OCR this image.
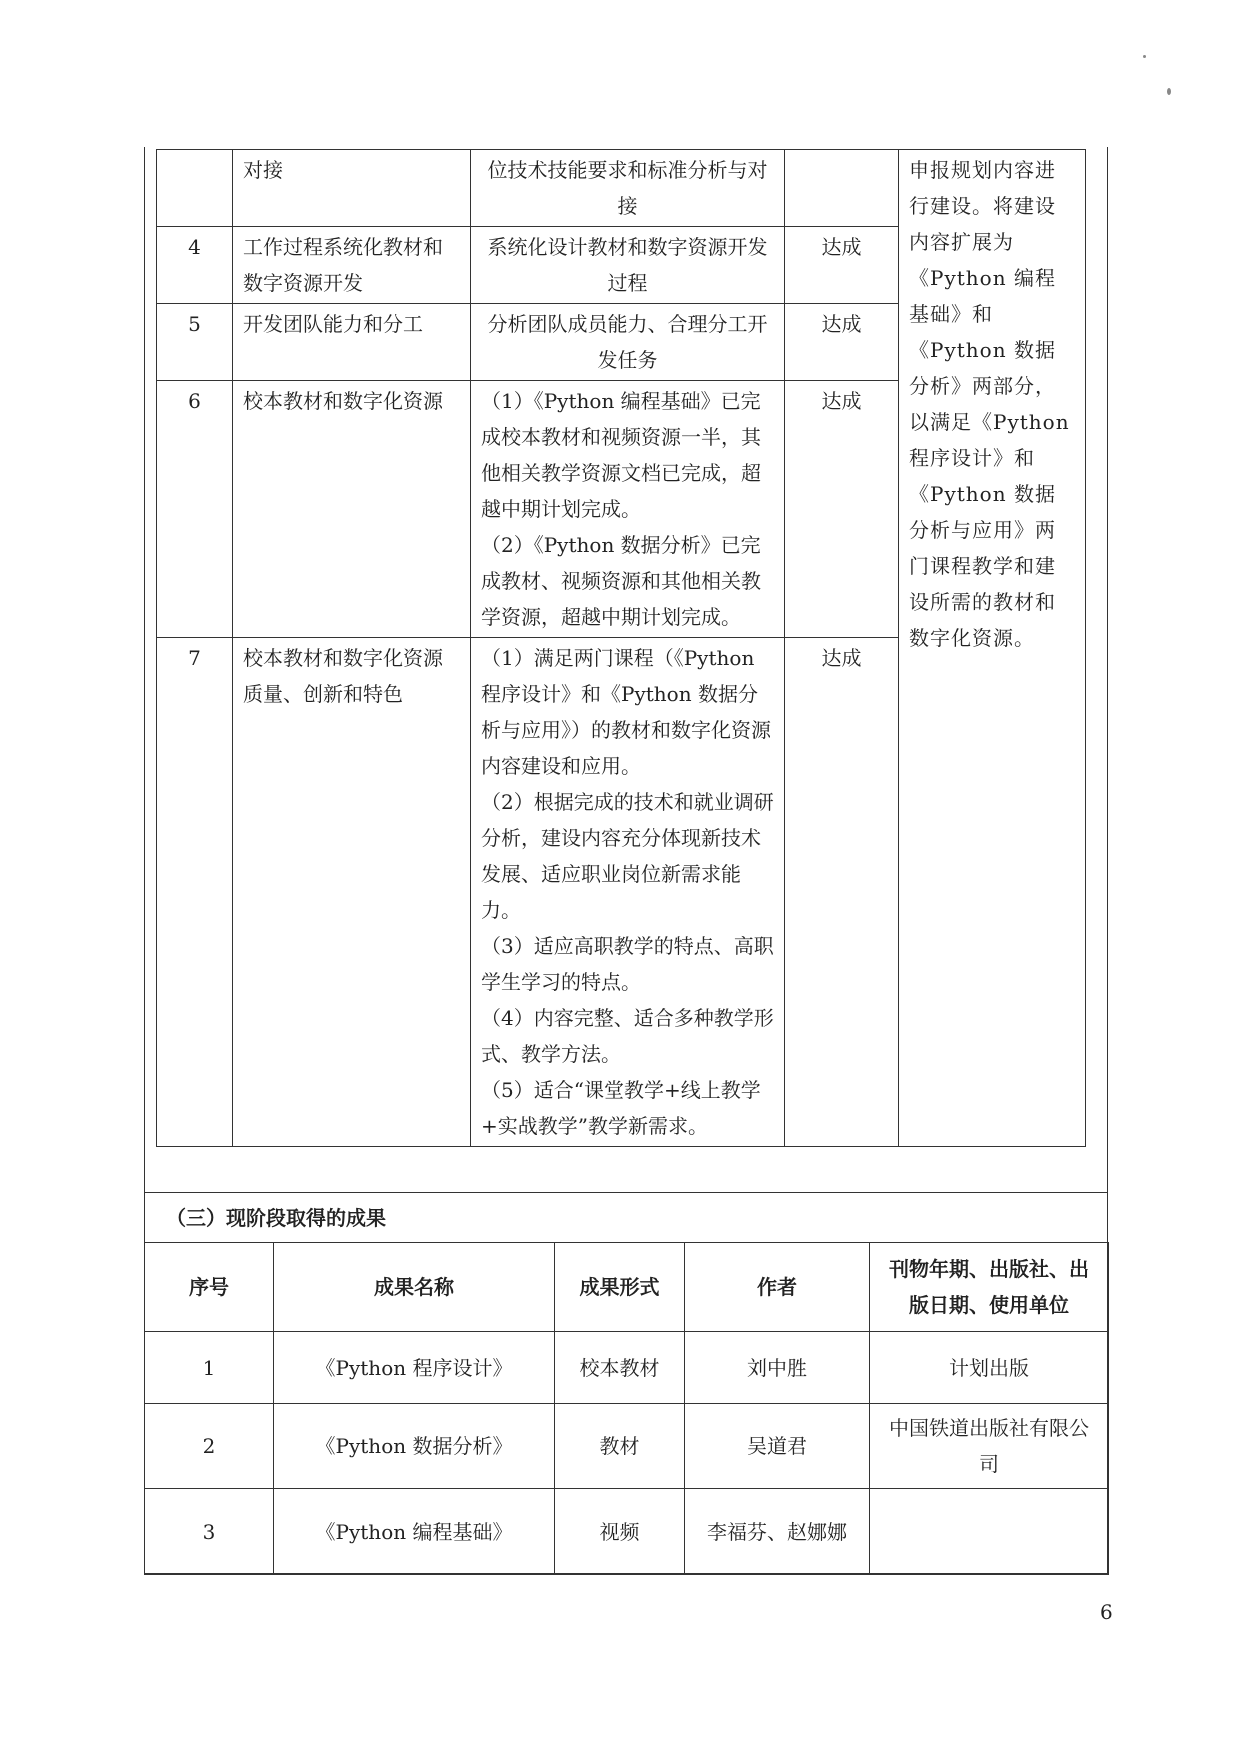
	对接	位技术技能要求和标准分析与对接		申报规划内容进行建设。将建设内容扩展为《Python 编程基础》和《Python 数据分析》两部分，以满足《Python 程序设计》和《Python 数据分析与应用》两门课程教学和建设所需的教材和数字化资源。
4	工作过程系统化教材和数字资源开发	系统化设计教材和数字资源开发过程	达成	
5	开发团队能力和分工	分析团队成员能力、合理分工开发任务	达成	
6	校本教材和数字化资源	（1）《Python 编程基础》已完成校本教材和视频资源一半，其他相关教学资源文档已完成，超越中期计划完成。

（2）《Python 数据分析》已完成教材、视频资源和其他相关教学资源，超越中期计划完成。	达成	
7	校本教材和数字化资源质量、创新和特色	（1）满足两门课程（《Python 程序设计》和《Python 数据分析与应用》）的教材和数字化资源内容建设和应用。

（2）根据完成的技术和就业调研分析，建设内容充分体现新技术发展、适应职业岗位新需求能力。

（3）适应高职教学的特点、高职学生学习的特点。

（4）内容完整、适合多种教学形式、教学方法。

（5）适合“课堂教学+线上教学+实战教学”教学新需求。	达成	
（三）现阶段取得的成果
序号	成果名称	成果形式	作者	刊物年期、出版社、出版日期、使用单位
1	《Python 程序设计》	校本教材	刘中胜	计划出版
2	《Python 数据分析》	教材	吴道君	中国铁道出版社有限公司
3	《Python 编程基础》	视频	李福芬、赵娜娜	
6
